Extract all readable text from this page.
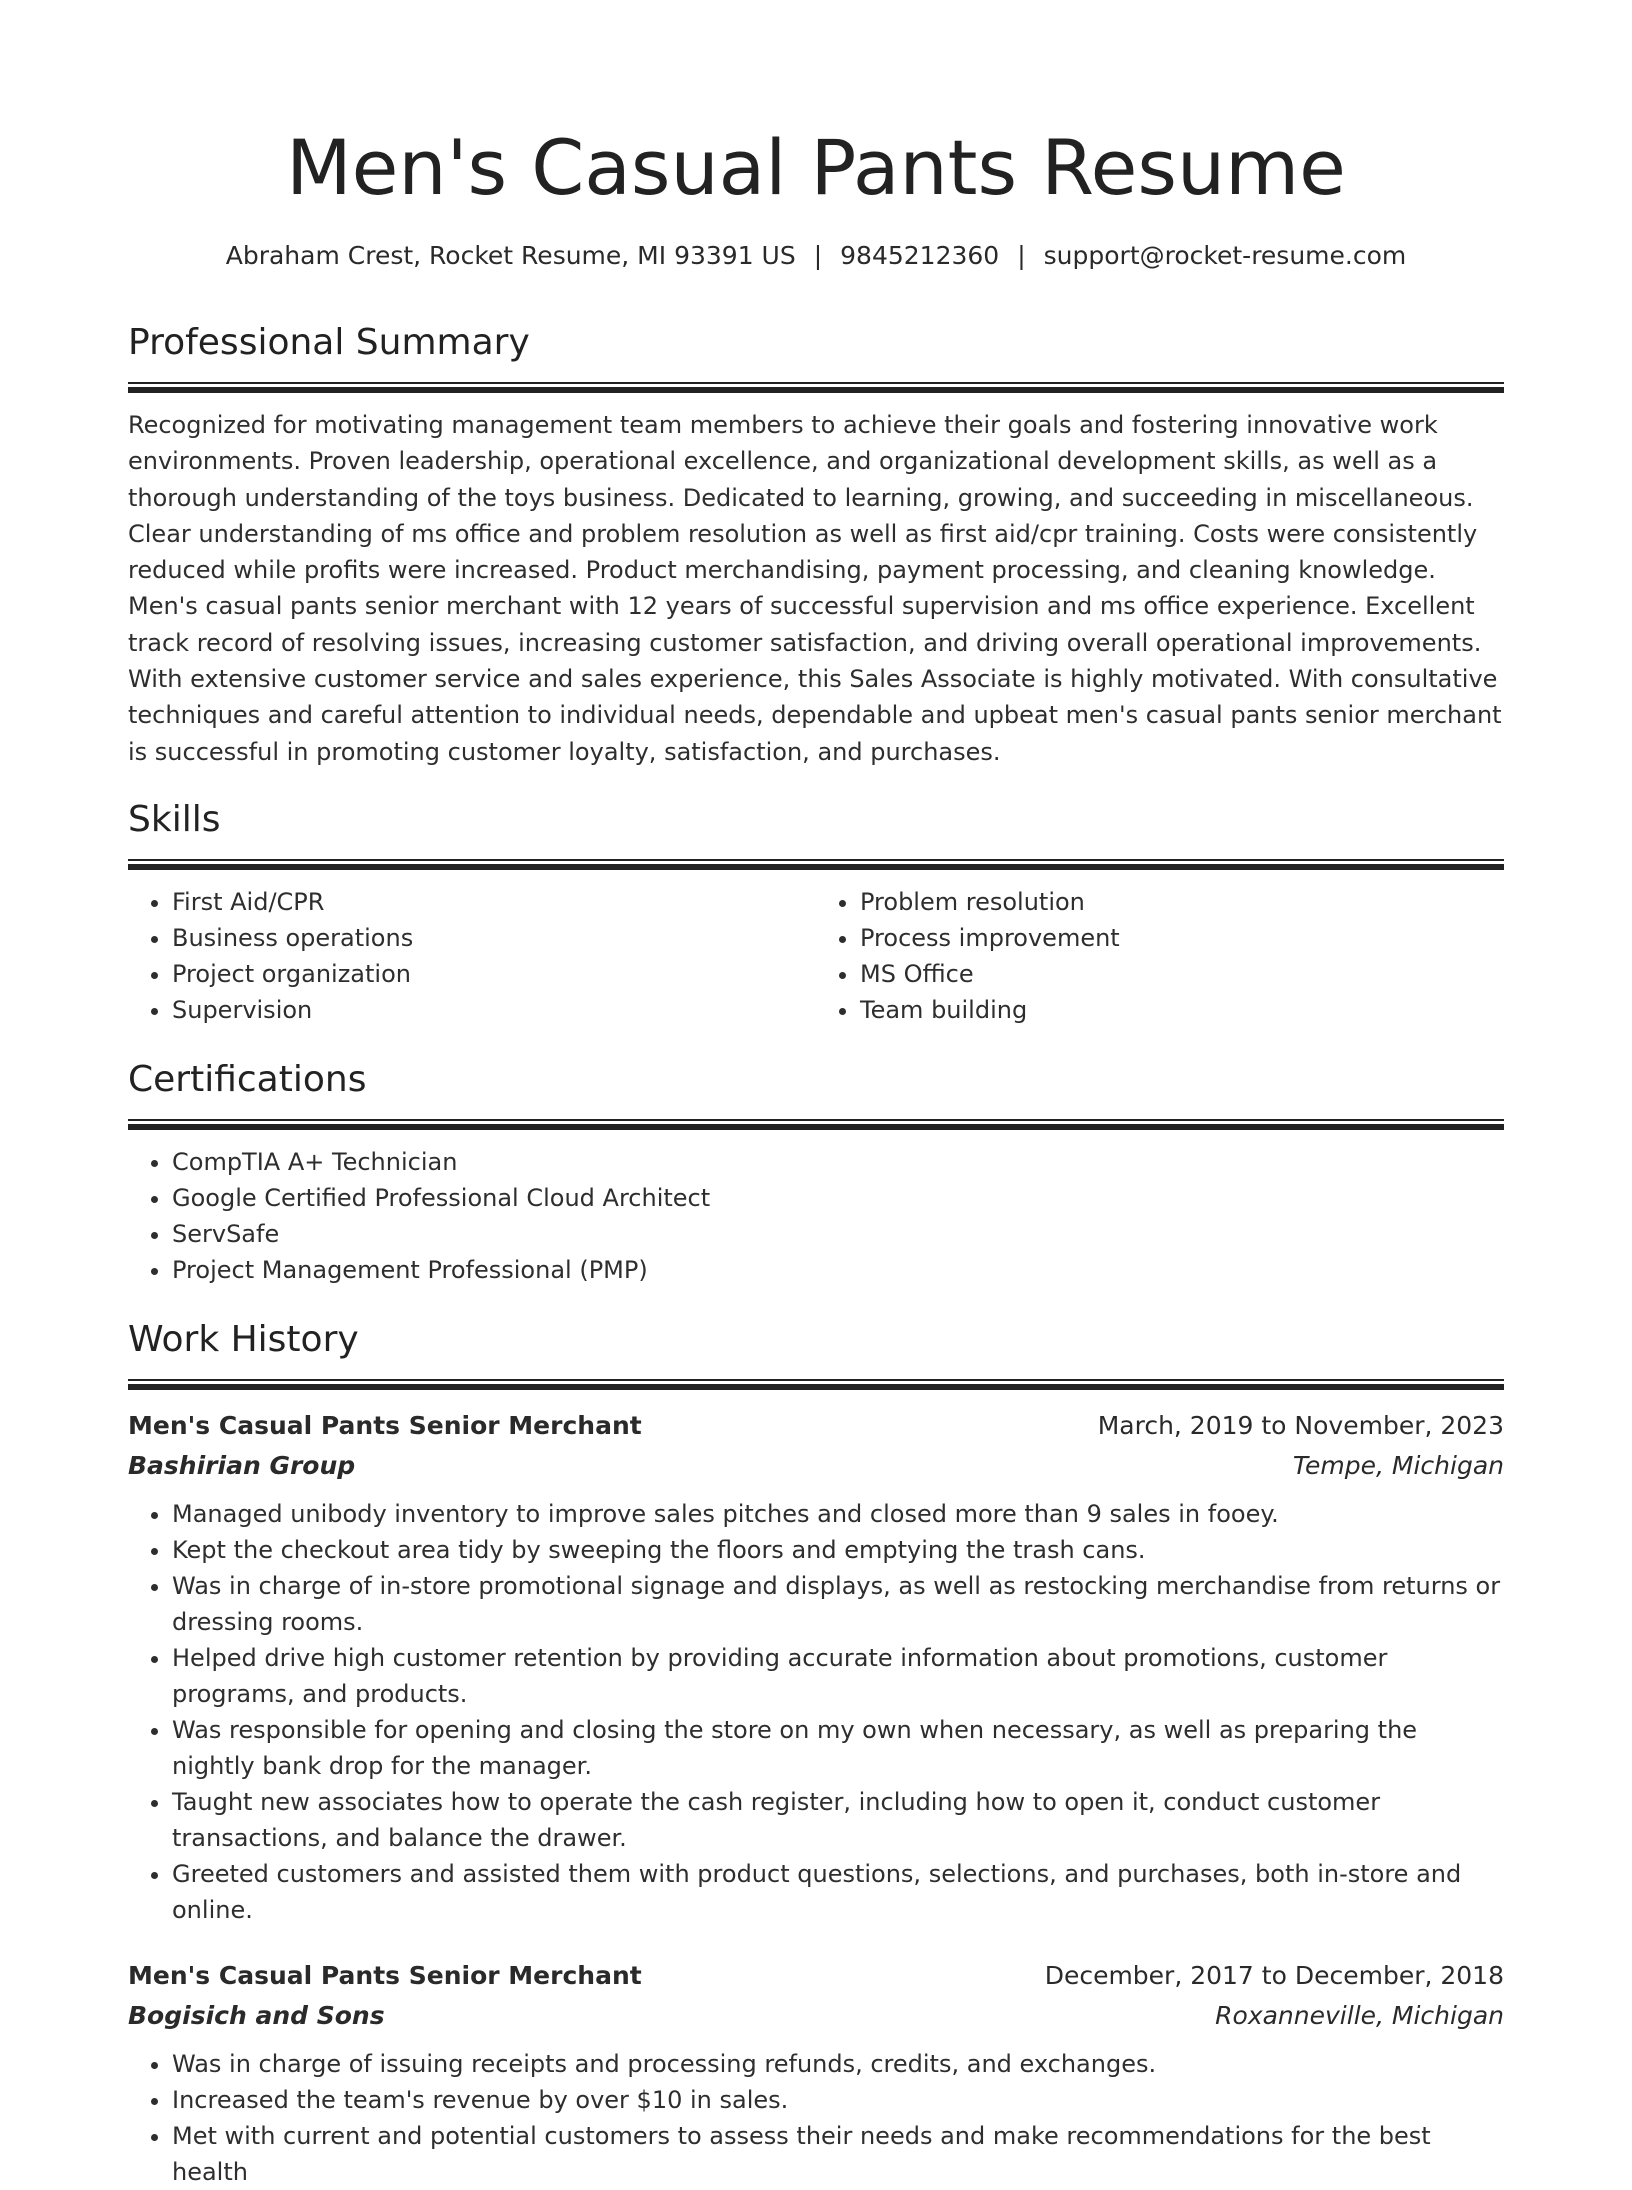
Men's Casual Pants Resume
Abraham Crest, Rocket Resume, MI 93391 US | 9845212360 | support@rocket-resume.com
Professional Summary

Recognized for motivating management team members to achieve their goals and fostering innovative work environments. Proven leadership, operational excellence, and organizational development skills, as well as a thorough understanding of the toys business. Dedicated to learning, growing, and succeeding in miscellaneous. Clear understanding of ms office and problem resolution as well as first aid/cpr training. Costs were consistently reduced while profits were increased. Product merchandising, payment processing, and cleaning knowledge. Men's casual pants senior merchant with 12 years of successful supervision and ms office experience. Excellent track record of resolving issues, increasing customer satisfaction, and driving overall operational improvements. With extensive customer service and sales experience, this Sales Associate is highly motivated. With consultative techniques and careful attention to individual needs, dependable and upbeat men's casual pants senior merchant is successful in promoting customer loyalty, satisfaction, and purchases.

Skills
• First Aid/CPR
• Business operations
• Project organization
• Supervision
• Problem resolution
• Process improvement
• MS Office
• Team building
Certifications
• CompTIA A+ Technician
• Google Certified Professional Cloud Architect
• ServSafe
• Project Management Professional (PMP)
Work History
Men's Casual Pants Senior Merchant	March, 2019 to November, 2023
Bashirian Group	Tempe, Michigan
• Managed unibody inventory to improve sales pitches and closed more than 9 sales in fooey.
• Kept the checkout area tidy by sweeping the floors and emptying the trash cans.
• Was in charge of in-store promotional signage and displays, as well as restocking merchandise from returns or dressing rooms.
• Helped drive high customer retention by providing accurate information about promotions, customer programs, and products.
• Was responsible for opening and closing the store on my own when necessary, as well as preparing the nightly bank drop for the manager.
• Taught new associates how to operate the cash register, including how to open it, conduct customer transactions, and balance the drawer.
• Greeted customers and assisted them with product questions, selections, and purchases, both in-store and online.
Men's Casual Pants Senior Merchant	December, 2017 to December, 2018
Bogisich and Sons	Roxanneville, Michigan
• Was in charge of issuing receipts and processing refunds, credits, and exchanges.
• Increased the team's revenue by over $10 in sales.
• Met with current and potential customers to assess their needs and make recommendations for the best health
